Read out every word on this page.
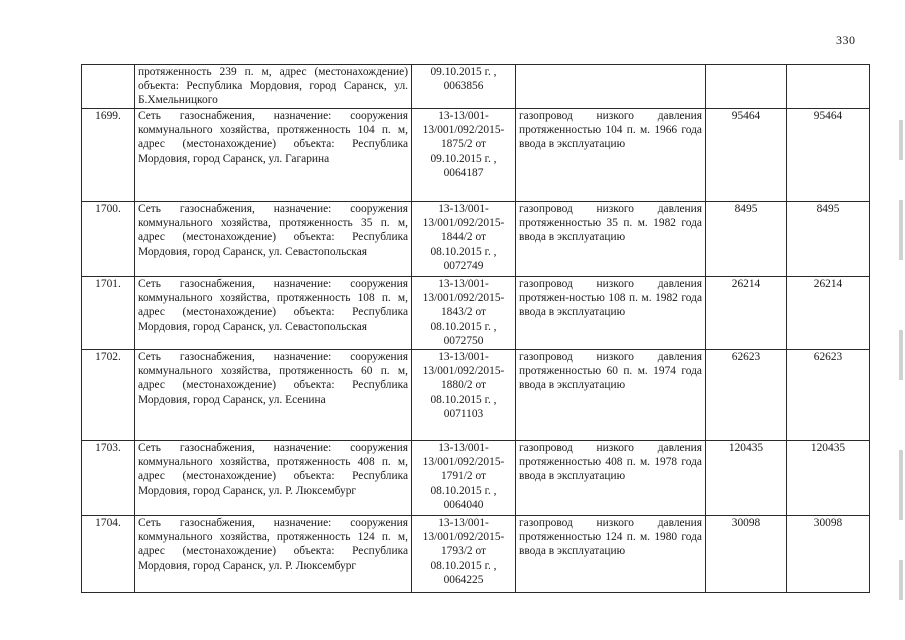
330
	протяженность 239 п. м, адрес (местонахождение) объекта: Республика Мордовия, город Саранск, ул. Б.Хмельницкого	09.10.2015 г. , 0063856			
1699.	Сеть газоснабжения, назначение: сооружения коммунального хозяйства, протяженность 104 п. м, адрес (местонахождение) объекта: Республика Мордовия, город Саранск, ул. Гагарина	13-13/001-13/001/092/2015-1875/2 от 09.10.2015 г. , 0064187	газопровод низкого давления протяженностью 104 п. м. 1966 года ввода в эксплуатацию	95464	95464
1700.	Сеть газоснабжения, назначение: сооружения коммунального хозяйства, протяженность 35 п. м, адрес (местонахождение) объекта: Республика Мордовия, город Саранск, ул. Севастопольская	13-13/001-13/001/092/2015-1844/2 от 08.10.2015 г. , 0072749	газопровод низкого давления протяженностью 35 п. м. 1982 года ввода в эксплуатацию	8495	8495
1701.	Сеть газоснабжения, назначение: сооружения коммунального хозяйства, протяженность 108 п. м, адрес (местонахождение) объекта: Республика Мордовия, город Саранск, ул. Севастопольская	13-13/001-13/001/092/2015-1843/2 от 08.10.2015 г. , 0072750	газопровод низкого давления протяжен-ностью 108 п. м. 1982 года ввода в эксплуатацию	26214	26214
1702.	Сеть газоснабжения, назначение: сооружения коммунального хозяйства, протяженность 60 п. м, адрес (местонахождение) объекта: Республика Мордовия, город Саранск, ул. Есенина	13-13/001-13/001/092/2015-1880/2 от 08.10.2015 г. , 0071103	газопровод низкого давления протяженностью 60 п. м. 1974 года ввода в эксплуатацию	62623	62623
1703.	Сеть газоснабжения, назначение: сооружения коммунального хозяйства, протяженность 408 п. м, адрес (местонахождение) объекта: Республика Мордовия, город Саранск, ул. Р. Люксембург	13-13/001-13/001/092/2015-1791/2 от 08.10.2015 г. , 0064040	газопровод низкого давления протяженностью 408 п. м. 1978 года ввода в эксплуатацию	120435	120435
1704.	Сеть газоснабжения, назначение: сооружения коммунального хозяйства, протяженность 124 п. м, адрес (местонахождение) объекта: Республика Мордовия, город Саранск, ул. Р. Люксембург	13-13/001-13/001/092/2015-1793/2 от 08.10.2015 г. , 0064225	газопровод низкого давления протяженностью 124 п. м. 1980 года ввода в эксплуатацию	30098	30098
